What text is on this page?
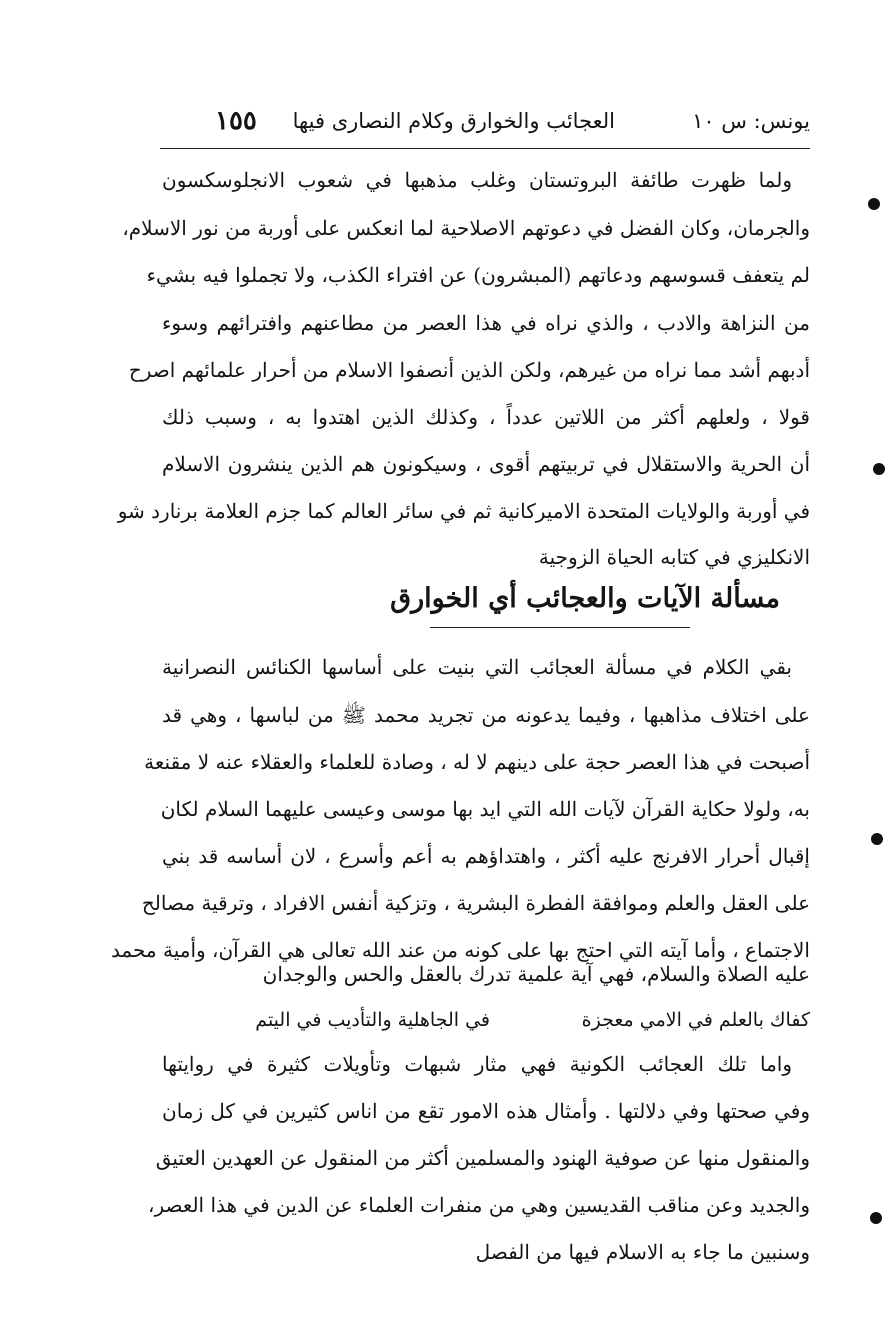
يونس: س ١٠
العجائب والخوارق وكلام النصارى فيها
١٥٥
ولما ظهرت طائفة البروتستان وغلب مذهبها في شعوب الانجلوسكسون
والجرمان، وكان الفضل في دعوتهم الاصلاحية لما انعكس على أوربة من نور الاسلام،
لم يتعفف قسوسهم ودعاتهم (المبشرون) عن افتراء الكذب، ولا تجملوا فيه بشيء
من النزاهة والادب ، والذي نراه في هذا العصر من مطاعنهم وافترائهم وسوء
أدبهم أشد مما نراه من غيرهم، ولكن الذين أنصفوا الاسلام من أحرار علمائهم اصرح
قولا ، ولعلهم أكثر من اللاتين عدداً ، وكذلك الذين اهتدوا به ، وسبب ذلك
أن الحرية والاستقلال في تربيتهم أقوى ، وسيكونون هم الذين ينشرون الاسلام
في أوربة والولايات المتحدة الاميركانية ثم في سائر العالم كما جزم العلامة برنارد شو
الانكليزي في كتابه الحياة الزوجية
مسألة الآيات والعجائب أي الخوارق
بقي الكلام في مسألة العجائب التي بنيت على أساسها الكنائس النصرانية
على اختلاف مذاهبها ، وفيما يدعونه من تجريد محمد ﷺ من لباسها ، وهي قد
أصبحت في هذا العصر حجة على دينهم لا له ، وصادة للعلماء والعقلاء عنه لا مقنعة
به، ولولا حكاية القرآن لآيات الله التي ايد بها موسى وعيسى عليهما السلام لكان
إقبال أحرار الافرنج عليه أكثر ، واهتداؤهم به أعم وأسرع ، لان أساسه قد بني
على العقل والعلم وموافقة الفطرة البشرية ، وتزكية أنفس الافراد ، وترقية مصالح
الاجتماع ، وأما آيته التي احتج بها على كونه من عند الله تعالى هي القرآن، وأمية محمد
عليه الصلاة والسلام، فهي آية علمية تدرك بالعقل والحس والوجدان
كفاك بالعلم في الامي معجزة
في الجاهلية والتأديب في اليتم
واما تلك العجائب الكونية فهي مثار شبهات وتأويلات كثيرة في روايتها
وفي صحتها وفي دلالتها . وأمثال هذه الامور تقع من اناس كثيرين في كل زمان
والمنقول منها عن صوفية الهنود والمسلمين أكثر من المنقول عن العهدين العتيق
والجديد وعن مناقب القديسين وهي من منفرات العلماء عن الدين في هذا العصر،
وسنبين ما جاء به الاسلام فيها من الفصل
